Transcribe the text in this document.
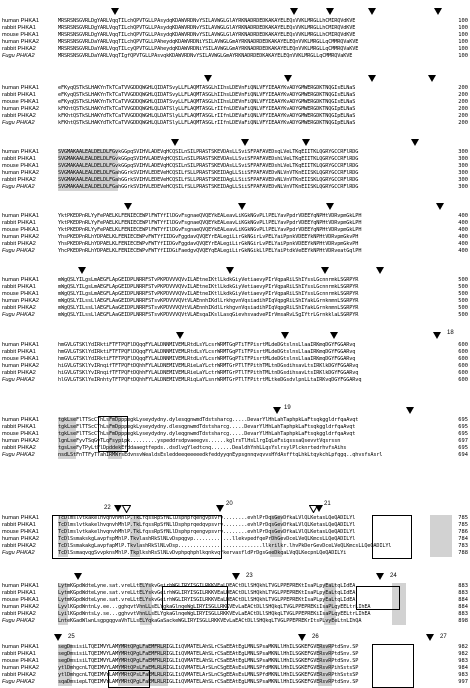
human PHKA1	MRSRSNSGVRLDgYARLVqqTILchQPVTGLLPAsydqKDAWVRDNvYSILAVWGLGlAYRKNADRDEDKAKAYELEQsVVKLMRGLLhCMIRQVdKVE	100
rabbit PHKA1	MRSRSNSGVRLDgYARLVqqTILchQPVTGLLPAsydqKDAWVRDNvYSILAVWGLGlAYRKNADRDEDKAKAYELEQsVVKLMRGLLhCMIRQVdKVE	100
mouse PHKA1	MRSRSNSGVRLDgYARLVqqTILchQPVTGLLPAsydqKDAWVRDNvYSILAVWGLGlAYRKNADRDEDKAKAYELEQsVVKLMRGLLhCMIRQVdKVE	100
human PHKA2	MRSRSNSGVRLDaYARLVqqTILchQPVTGLLPAheydqKDAWVRDNiYSILAVWGLGmAYRKNADRDEDKAKAYELEQnVVKLMRGLLqCMMRQVaKVE	100
rabbit PHKA2	MRSRSNSGVRLDaYARLVqqTILcyQPVTGLLPAheydqKDAWVRDNiYSILAVWGLGmAYRKNADRDEDKAKAYELEQnVVKLMRGLLqCMMRQVaKVE	100
Fugu PHKA2	MRSRSNSGVRLDaYARLVqqTIgfQPVTGLLPAsvqkKDAWVRDNvYSILAVWGLGmAYRKNADRDEDKAKAYELEQnVVKLMRGLLqCMMRQVaKVE	100
human PHKA1	eFKyqQSTkSLHAKYnTkTCaTVVGDDQWGHLQIDATSvyLLFLAQMTASGLhIIhsLDEVnFiQNLVFYIEAAYKvADYGMWERGDKTNQGIsELNaS	200
rabbit PHKA1	eFKyqQSTkSLHAKYnTkTCaTVVGDDQWGHLQIDATSvyLLFLAQMTASGLhIIhsLDEVnFiQNLVFYIEAAYKvADYGMWERGDKTNQGIsELNaS	200
mouse PHKA1	eFKyqQSTkSLHAKYnTkTCaTVVGDDQWGHLQIDATSvyLLFLAQMTASGLhIIhsLDEVnFiQNLVFYIEAAYKvADYGMWERGDKTNQGIsELNaS	200
human PHKA2	kFKhtQSTkSLHAKYdTkTCaTVVGDDQWGHLQLDATSlyLLFLAQMTASGLrIIfnLDEVaFiQNLVFYIEAAYKvADYGMWERGDKTNQGIpELNaS	200
rabbit PHKA2	kFKhtQSTkSLHAKYdTkTCaTVVGDDQWGHLQLDATSlyLLFLAQMTASGLrIIfnLDEVaFiQNLVFYIEAAYKvADYGMWERGDKTNQGIpELNaS	200
Fugu PHKA2	kFKhtQSTkSLHAKYdTkTCaTVVGDDQWGHLQLDATSlyLLFLAQMTASGLrIIfnLDEVaFiQNLVFYIEAAYKvADYGMWERGDKTNQGIpELNaS	200
human PHKA1	SVGMAKAALEALDELDLFGvkGGpqSVIHVLADEVqHCQSILnSILPRASTSKEVDAsLLSviSFPAFAVEDsqLVeLTKqEIITKLQGRYGCCRFlRDG	300
rabbit PHKA1	SVGMAKAALEALDELDLFGvkGGpqSVIHVLADEVqHCQSILnSILPRASTSKEVDAsLLSviSFPAFAVEDshLVeLTKqEIITKLQGRYGCCRFlRDG	300
mouse PHKA1	SVGMAKAALEALDELDLFGvkGGpqSVIHVLADEVqHCQSILnSILPRASTSKEVDAsLLSviSFPAFAVEDshLVeLTKqEIITKLQGRYGCCRFlRDG	300
human PHKA2	SVGMAKAALEALDELDLFGahGGrkSVIHVLEDEVeHCQSILfSLLPRASTSKEIDAgLLSiiSFPAFAVEDvNLVnVTKnEIISKLQGRYGCCRFlRDG	300
rabbit PHKA2	SVGMAKAALEALDELDLFGahGGrkSVIHVLEDEVeHCQSILfSLLPRASTSKEIDAgLLSiiSFPAFAVEDvNLVnVTKnEIISKLQGRYGCCRFlRDG	300
Fugu PHKA2	SVGMAKAALEALDELDLFGahGGrkSVIHVLEDEVeHCQSILfSLLPRASTSKEIDAgLLSiiSFPAFAVEDvNLVnVTKnEIISKLQGRYGCCRFlRDG	300
human PHKA1	YktPKEDPnRLYyFePAELKLFENIECEWPlFWTYfIlDGvFsgnaeQVQEYkEALeavLiKGkNGvPLlPELYavPpdrVDEEYqNPHtVDRvpmGkLPH	400
rabbit PHKA1	YktPKEDPnRLYyFePAELKLFENIECEWPlFWTYfIlDGvFsgnaeQVQEYkEALeavLiKGkNGvPLlPELYavPpdrVDEEYqNPHtVDRvpmGkLPH	400
mouse PHKA1	YktPKEDPnRLYyFePAELKLFENIECEWPlFWTYfIlDGvFsgnaeQVQEYkEALeavLiKGkNGvPLlPELYavPpdrVDEEYqNPHtVDRvpmGkLPH	400
human PHKA2	YhsPKEDPnRLhYDPAELKLFENIECEWPvFWTYfIIDGvFggdavQVQEYrEALegiLirGkNGirLvPELYaiPpnkVDEEYkNPHtVDRvpmGkvPH	400
rabbit PHKA2	YhsPKEDPnRLhYDPAELKLFENIECEWPvFWTYfIIDGvFggdavQVQEYrEALegiLirGkNGirLvPELYaiPpnkVDEEYkNPHtVDRvpmGkvPH	400
Fugu PHKA2	YhcPKEDPnRLhYDPAELKLFENIECEWPvFWTYfIIDGiFaedgvQVQEYqEALegiLirGkNGikLlPELYaiPtdkVeEEYkNPHtVDRveatGqlPH	400
human PHKA1	mWgQSLYILgsLmAEGFLApGEIDPLNRRFSTvPKPDVVVQVvILAEtneIKtlLkdkGiyVetiaevyPIrVqpaRiLShIYssLGcnnrmkLSGRPYR	500
rabbit PHKA1	mWgQSLYILgsLmAEGFLApGEIDPLNRRFSTvPKPDVVVQVvILAEtneIKtlLkdkGiyVetiaevyPIrVqpaRiLShIYssLGcnnrmkLSGRPYR	500
mouse PHKA1	mWgQSLYILgsLmAEGFLApGEIDPLNRRFSTvPKPDVVVQVvILAEtneIKtlLkdkGiyVetiaevyPIrVqpaRiLShIYssLGcnnrmkLSGRPYR	500
human PHKA2	mWgQSLYILssLlAEGFLAaGEIDPLNRRFSTsvKPDVVVQVtVLAEnnhIKdlLrkhgvnVqsiadihPIqVqpgRiLShIYakLGrnknmnLSGRPYR	500
rabbit PHKA2	mWgQSLYILssLlAEGFLAaGEIDPLNRRFSTsvKPDVVVQVtVLAEnnhIKdlLrkhgvnVqsiadihPIqVqpgRiLShIYakLGrnknmnLSGRPYR	500
Fugu PHKA2	mWgQSLYILssLlAEGFLAaGEIDPLNRRFSTsvKPDVVVQVtVLAEsqaIKslLasqGievhsvadvePIrVmsaRvLSgIYtrLGrnkklaLSGRPYR	500
human PHKA1	hmGVLGTSKlYdIRktiFTFTPQFlDQqqFYLALDNNMIVEMLRtdLsYLcsrWRMTGqPTiTFPisrtMLdeDGtslnsLlaaIRKmqDGYFGGARvq	600
rabbit PHKA1	hmGVLGTSKlYdIRktiFTFTPQFlDQqqFYLALDNNMIVEMLRtdLsYLcsrWRMTGqPTiTFPisrtMLdeDGtslnsLlaaIRKmqDGYFGGARvq	600
mouse PHKA1	hmGVLGTSKlYdIRktiFTFTPQFlDQqqFYLALDNNMIVEMLRtdLsYLcsrWRMTGqPTiTFPisrtMLdeDGtslnsLlaaIRKmqDGYFGGARvq	600
human PHKA2	hiGVLGTSKlYvIRnqifTFTPQFtDQhhFYLALDNEMIVEMLRieLaYLctrWRMTGrPTlTFPithTMLtnDGsdihsavLtsIRKlkDGYFGGARvq	600
rabbit PHKA2	hiGVLGTSKlYvIRnqifTFTPQFtDQhhFYLALDNEMIVEMLRieLaYLctrWRMTGrPTlTFPithTMLtnDGsdihsavLtsIRKlkDGYFGGARvq	600
Fugu PHKA2	hlGVLGTSKlYeIRnhtyTFTPQFtDQhhFYLALDNEMIVEMLRiqLaYLsnrWRMTGrPTlTFPitrtMLtkeDGsdvlpnLLtaIRKvqDGYFGGARvq	600
human PHKA1	tgkLseFlTTScCThLsFmDpppegkLyseydydny.dylesqgnwmdTdstsharcg.....DevarYlHhLahTaphpkLaFtsqkggldrfqaAvqt	695
rabbit PHKA1	tgkLseFlTTScCThLsFmDpppegkLyseydydny.dlesqgnwmdTdstsharcg.....DevarYlHhLahTaphpkLaFtsqkggldrfqaAvqt	695
mouse PHKA1	tgkLseFlTTScCThLsFmDpppegkLyseydydny.dyleqgnwmdTdstsharcg.....DevarYlHhLahTaphpkLaFtsqkggldrfqaAvqt	695
human PHKA2	lgnLseFyvTSqGvTLqFsypipk.........yspeddrsdpvaeegvs......kglrsTlHsLlrgIqLeFsiqsssaQsevvtVqsrssn	697
rabbit PHKA2	tgsLseFyTPyLtFlDpddekEfddaaegtfepds..dsdlvgYledtcnq.......DealdhYnhLLqsYslrsylPlcknrtedrhvfsAihs	695
Fugu PHKA2	nsdLStFnTTFyTTahIRMWrsEdvnsvWealdsEsleddeeqeeeeedkfeddyyqnEypsgnnqvqvvsHYdAsfftqLhkLtqykchLpfqgq..qhvsfsAsrl	694
human PHKA1	TcDlmslvtkakelhvqnvhMhlP.TkLfqssRpSfNLlDsphprqengvpsvrv........evhlPrDqsGevDfkaLVlQLKetasLQeQADILYl	785
rabbit PHKA1	TcDlmslvtkakelhvqnvhMhlP.TkLfqssRpSfNLlDsphprqedqvpsvrv........evhlPrDqsGevDfkaLVlQLKetasLQeQADILYl	785
mouse PHKA1	TcDlmslvtkakelhvqnvhMhlP.TkLfqssRpSfNLlDsphprqengvpsvrv........evhlPrDqsGevDfkaLVlQLKetasLQeQADILYl	786
human PHKA2	TcDlSsmakskgLavpfspMhlP.TkvlashRkSlNLvDspqgvp.............llekvpedfqePrDhGevDceLVeQLKmcsLLQeQADILYl	784
rabbit PHKA2	TcDlSsmakakgLavpfapMlP.TkvlashRkSlNLvDsp............................llkrilkr.lhvPkDerGevDceLVeQLKmcsLLQeQADILYl	783
Fugu PHKA2	TcDlSsmaqvqgSvvpknsMhlP.TkplkshRsSlNLvDvphpqhphlkqnkvqfkervasfldPrDgsGeeDkqaLVqQLKecpnLQeQADILYi	788
human PHKA1	LytmKGpdWdteLyne.sat.vreLLtELYskvGeirhWGLIRYISGILRKKVEaLDEACtDLlSHQkhLTVGLPPEPREKtIsaPLpyEaLtqLIdEA	883
rabbit PHKA1	LytmKGpdWdteLyne.sat.vreLLtELYskvGeirhWGLIRYISGILRKKVEaLDEACtDLlSHQkhLTVGLPPEPREKtIsaPLpyEaLtqLIdEA	883
mouse PHKA1	LytmKGpdWdteLyne.sat.vreLLtELYskvGeirhWGLIRYISGILRKKVEaLDEACtDLlSHQkhLTVGLPPEPREKtIsaPLpyEaLtqLIdEA	884
human PHKA2	LyvlKGpdWntnLy.ee...gghqvtVhnLLsELYgkaGlnqeWgLIRYISGLLRKKVEvLaEACtDLlSHQkqLTVGLPPEPREKiIsaPLqyEELtrLIhEA	884
rabbit PHKA2	LyilKGpdWntsLy.se...gghvvtVhnLLsELYgkaGlnqeWgLIRYISGLLRKKVEvLaEACtDLlSHQkqLTVGLPPEPREKiIsaPLqyEELtrLIhEA	883
Fugu PHKA2	LnteKGadWlwnLsgpgqgvaVhTLLsELYqkaGaSackeWGLIRYISGLLRKKVEvLaEACtDLlSHQkqLTVGLPPEPREKrItsPLvyEeLtnLIhQA	898
human PHKA1	segDmsisiLTQEIMVYLAMYMRtQPgLFaEMFRLRIGLIiQVMATELAhSLrCSaEEAtEgLMNLSPsaMKNLlHhILSGKEFGVERsvRPtdSnv.SP	982
rabbit PHKA1	segDmsisiLTQEIMVYLAMYMRtQPgLFaEMFRLRIGLIiQVMATELAhSLrCSaEEAtEgLMNLSPsaMKNLlHhILSGKEFGVERsvRPtdSnv.SP	982
mouse PHKA1	segDmsisiLTQEIMVYLAMYMRtQPgLFaEMFRLRIGLIiQVMATELAhSLrCSaEEAtEgLMNLSPsaMKNLlHhILSGKEFGVERsvRPtdSnv.SP	983
human PHKA2	ytlDmhgcnLTQEIMVYLAMYMRtQPsLFaEMLRLRIGLIiQVMATELArSLnCSgEEAsEsLMNLSPfdMKNLlHhILSGKEFGVERsvRPihSstsSP	984
rabbit PHKA2	ytlDmhgcnLTQEIMVYLAMYMRtQPsLFaEMLRLRIGLIiQVMATELArSLnCSgEEAsEsLMNLSPfdMKNLlHhILSGKEFGVERsvRPthSstsSP	983
Fugu PHKA2	sqaDmsiepLTQEIMVYLAMYMRtQPgLFaEMLRLRIGLIiQVMATELAhSLrCSaEEAtEgLMNLSPsaMKNLlHhILSGKEFGVERsvRPtdSnv.SP	997
18
19
22
20	21
23	24
25	26	27
